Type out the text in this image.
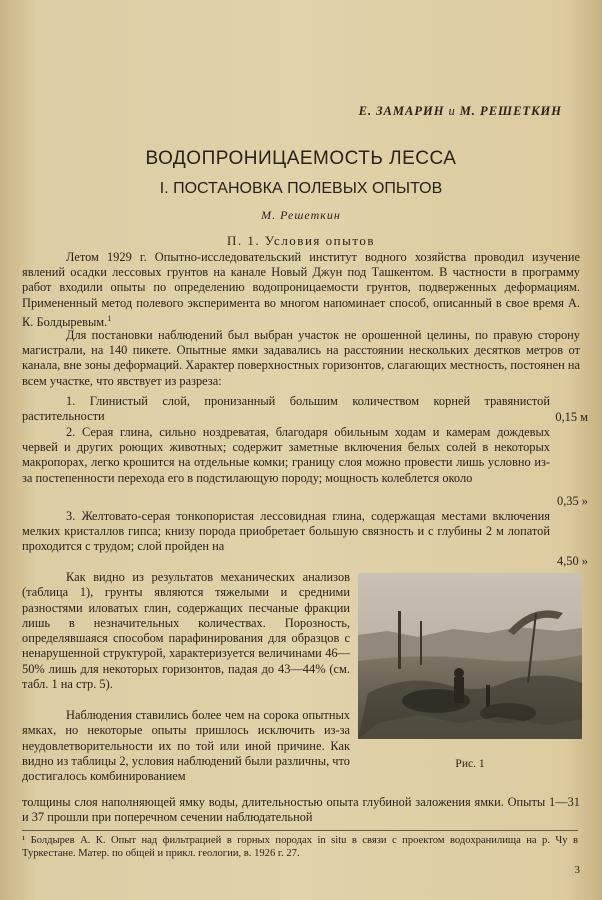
Е. ЗАМАРИН и М. РЕШЕТКИН
ВОДОПРОНИЦАЕМОСТЬ ЛЕССА
I. ПОСТАНОВКА ПОЛЕВЫХ ОПЫТОВ
М. Решеткин
П. 1. Условия опытов
Летом 1929 г. Опытно-исследовательский институт водного хозяйства проводил изучение явлений осадки лессовых грунтов на канале Новый Джун под Ташкентом. В частности в программу работ входили опыты по определению водопроницаемости грунтов, подверженных деформациям. Примененный метод полевого эксперимента во многом напоминает способ, описанный в свое время А. К. Болдыревым.$^1$
Для постановки наблюдений был выбран участок не орошенной целины, по правую сторону магистрали, на 140 пикете. Опытные ямки задавались на расстоянии нескольких десятков метров от канала, вне зоны деформаций. Характер поверхностных горизонтов, слагающих местность, постоянен на всем участке, что явствует из разреза:
1. Глинистый слой, пронизанный большим количеством корней травянистой растительности	0,15 м
2. Серая глина, сильно ноздреватая, благодаря обильным ходам и камерам дождевых червей и других роющих животных; содержит заметные включения белых солей в некоторых макропорах, легко крошится на отдельные комки; границу слоя можно провести лишь условно из-за постепенности перехода его в подстилающую породу; мощность колеблется около
0,35 »
3. Желтовато-серая тонкопористая лессовидная глина, содержащая местами включения мелких кристаллов гипса; книзу порода приобретает большую связность и с глубины 2 м лопатой проходится с трудом; слой пройден на
4,50 »
Как видно из результатов механических анализов (таблица 1), грунты являются тяжелыми и средними разностями иловатых глин, содержащих песчаные фракции лишь в незначительных количествах. Порозность, определявшаяся способом парафинирования для образцов с ненарушенной структурой, характеризуется величинами 46—50% лишь для некоторых горизонтов, падая до 43—44% (см. табл. 1 на стр. 5).
Наблюдения ставились более чем на сорока опытных ямках, но некоторые опыты пришлось исключить из-за неудовлетворительности их по той или иной причине. Как видно из таблицы 2, условия наблюдений были различны, что достигалось комбинированием
толщины слоя наполняющей ямку воды, длительностью опыта глубиной заложения ямки. Опыты 1—31 и 37 прошли при поперечном сечении наблюдательной
Рис. 1
¹ Болдырев А. К. Опыт над фильтрацией в горных породах in situ в связи с проектом водохранилища на р. Чу в Туркестане. Матер. по общей и прикл. геологии, в. 1926 г. 27.
3
